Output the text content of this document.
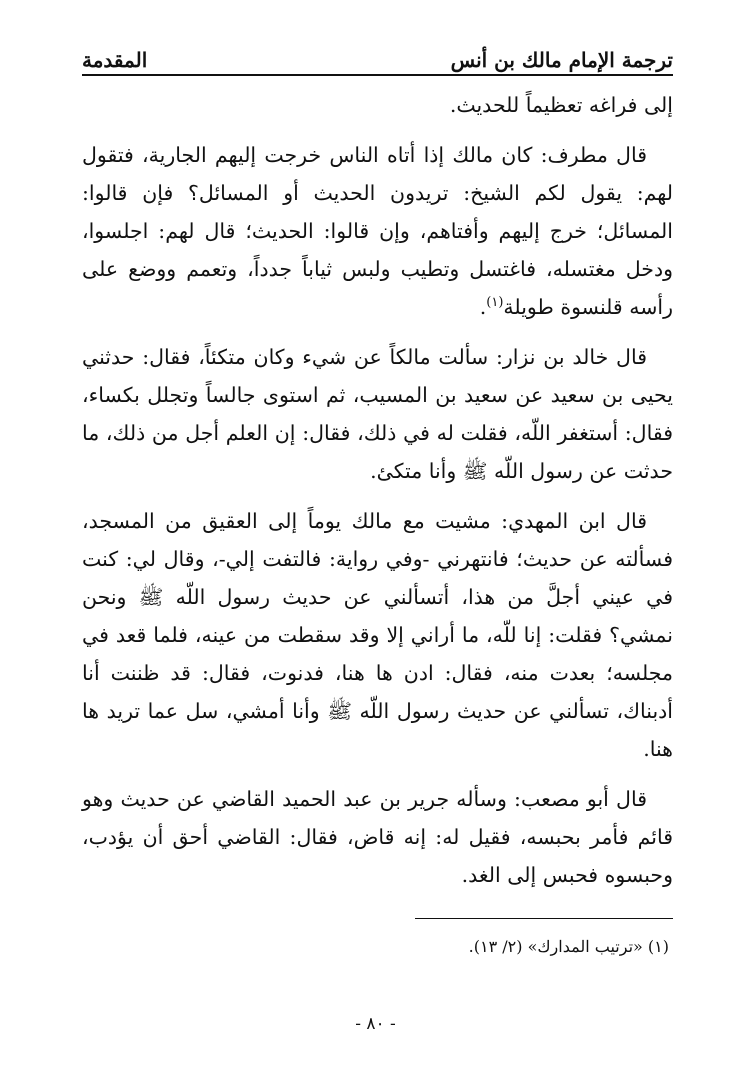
ترجمة الإمام مالك بن أنس
المقدمة

إلى فراغه تعظيماً للحديث.

قال مطرف: كان مالك إذا أتاه الناس خرجت إليهم الجارية، فتقول لهم: يقول لكم الشيخ: تريدون الحديث أو المسائل؟ فإن قالوا: المسائل؛ خرج إليهم وأفتاهم، وإن قالوا: الحديث؛ قال لهم: اجلسوا، ودخل مغتسله، فاغتسل وتطيب ولبس ثياباً جدداً، وتعمم ووضع على رأسه قلنسوة طويلة$^{(١)}$.

قال خالد بن نزار: سألت مالكاً عن شيء وكان متكئاً، فقال: حدثني يحيى بن سعيد عن سعيد بن المسيب، ثم استوى جالساً وتجلل بكساء، فقال: أستغفر اللّه، فقلت له في ذلك، فقال: إن العلم أجل من ذلك، ما حدثت عن رسول اللّه ﷺ وأنا متكئ.

قال ابن المهدي: مشيت مع مالك يوماً إلى العقيق من المسجد، فسألته عن حديث؛ فانتهرني -وفي رواية: فالتفت إلي-، وقال لي: كنت في عيني أجلَّ من هذا، أتسألني عن حديث رسول اللّه ﷺ ونحن نمشي؟ فقلت: إنا للّه، ما أراني إلا وقد سقطت من عينه، فلما قعد في مجلسه؛ بعدت منه، فقال: ادن ها هنا، فدنوت، فقال: قد ظننت أنا أدبناك، تسألني عن حديث رسول اللّه ﷺ وأنا أمشي، سل عما تريد ها هنا.

قال أبو مصعب: وسأله جرير بن عبد الحميد القاضي عن حديث وهو قائم فأمر بحبسه، فقيل له: إنه قاض، فقال: القاضي أحق أن يؤدب، وحبسوه فحبس إلى الغد.

(١) «ترتيب المدارك» (٢/ ١٣).
- ٨٠ -
